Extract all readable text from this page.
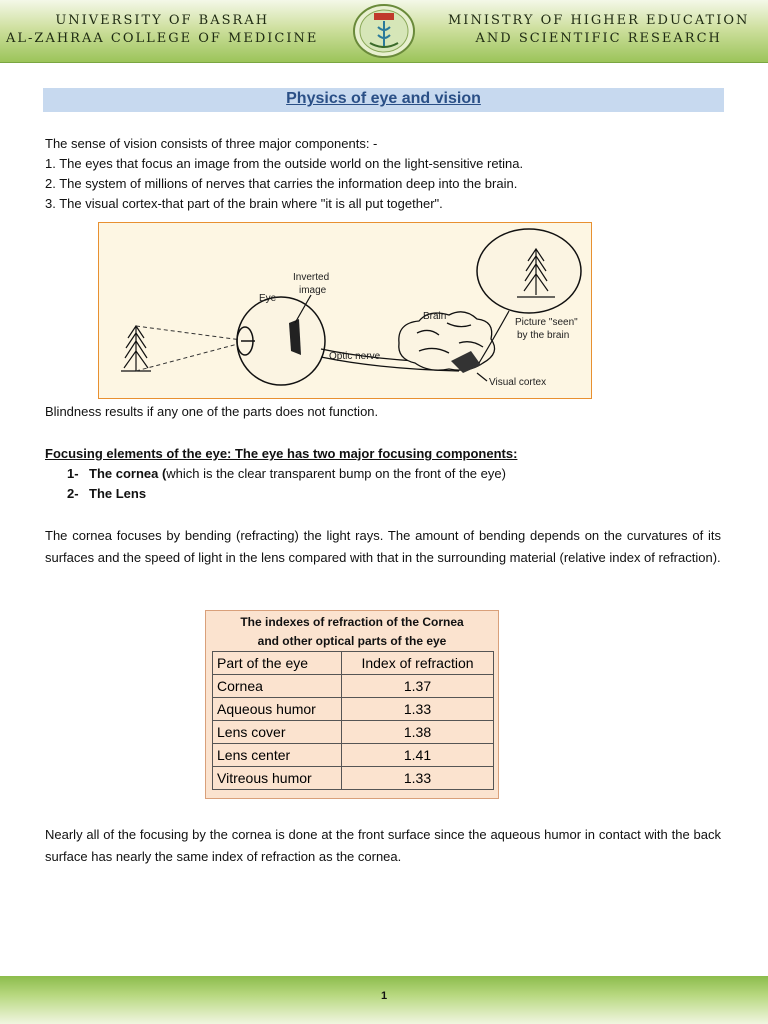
UNIVERSITY OF BASRAH
AL-ZAHRAA COLLEGE OF MEDICINE
MINISTRY OF HIGHER EDUCATION
AND SCIENTIFIC RESEARCH
Physics of eye and vision
The sense of vision consists of three major components: -
1. The eyes that focus an image from the outside world on the light-sensitive retina.
2. The system of millions of nerves that carries the information deep into the brain.
3. The visual cortex-that part of the brain where "it is all put together".
Inverted
image
Eye
Brain
Picture "seen"
by the brain
Optic nerve
Visual cortex
Blindness results if any one of the parts does not function.
Focusing elements of the eye: The eye has two major focusing components:
1- The cornea (which is the clear transparent bump on the front of the eye)
2- The Lens
The cornea focuses by bending (refracting) the light rays. The amount of bending depends on the curvatures of its surfaces and the speed of light in the lens compared with that in the surrounding material (relative index of refraction).
The indexes of refraction of the Cornea
and other optical parts of the eye
Part of the eye	Index of refraction
Cornea	1.37
Aqueous humor	1.33
Lens cover	1.38
Lens center	1.41
Vitreous humor	1.33
Nearly all of the focusing by the cornea is done at the front surface since the aqueous humor in contact with the back surface has nearly the same index of refraction as the cornea.
1
